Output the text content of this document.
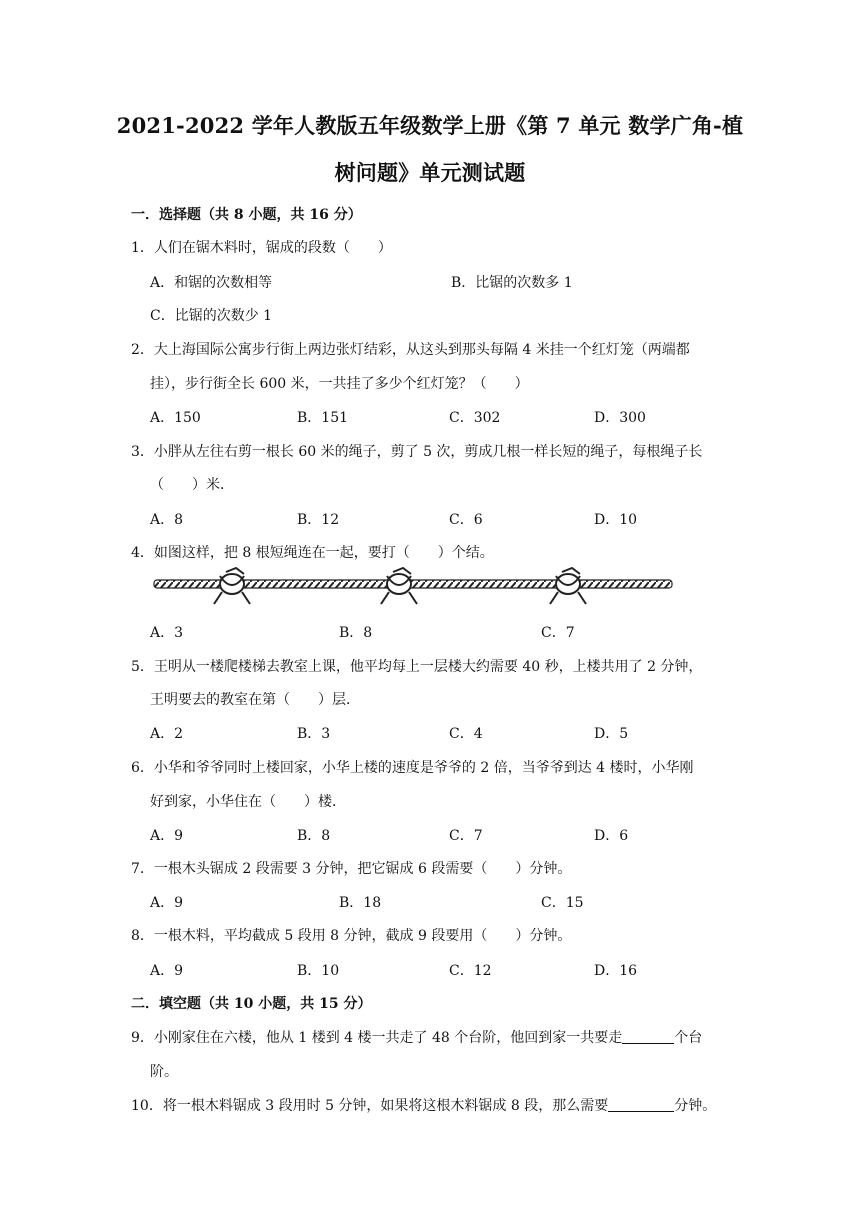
2021-2022 学年人教版五年级数学上册《第 7 单元 数学广角-植
树问题》单元测试题
一．选择题（共 8 小题，共 16 分）
1．人们在锯木料时，锯成的段数（　　）
A．和锯的次数相等	B．比锯的次数多 1
C．比锯的次数少 1
2．大上海国际公寓步行街上两边张灯结彩，从这头到那头每隔 4 米挂一个红灯笼（两端都
挂），步行街全长 600 米，一共挂了多少个红灯笼？（　　）
A．150	B．151	C．302	D．300
3．小胖从左往右剪一根长 60 米的绳子，剪了 5 次，剪成几根一样长短的绳子，每根绳子长
（　　）米．
A．8	B．12	C．6	D．10
4．如图这样，把 8 根短绳连在一起，要打（　　）个结。
A．3	B．8	C．7
5．王明从一楼爬楼梯去教室上课，他平均每上一层楼大约需要 40 秒，上楼共用了 2 分钟，
王明要去的教室在第（　　）层．
A．2	B．3	C．4	D．5
6．小华和爷爷同时上楼回家，小华上楼的速度是爷爷的 2 倍，当爷爷到达 4 楼时，小华刚
好到家，小华住在（　　）楼．
A．9	B．8	C．7	D．6
7．一根木头锯成 2 段需要 3 分钟，把它锯成 6 段需要（　　）分钟。
A．9	B．18	C．15
8．一根木料，平均截成 5 段用 8 分钟，截成 9 段要用（　　）分钟。
A．9	B．10	C．12	D．16
二．填空题（共 10 小题，共 15 分）
9．小刚家住在六楼，他从 1 楼到 4 楼一共走了 48 个台阶，他回到家一共要走	个台
阶。
10．将一根木料锯成 3 段用时 5 分钟，如果将这根木料锯成 8 段，那么需要	分钟。
